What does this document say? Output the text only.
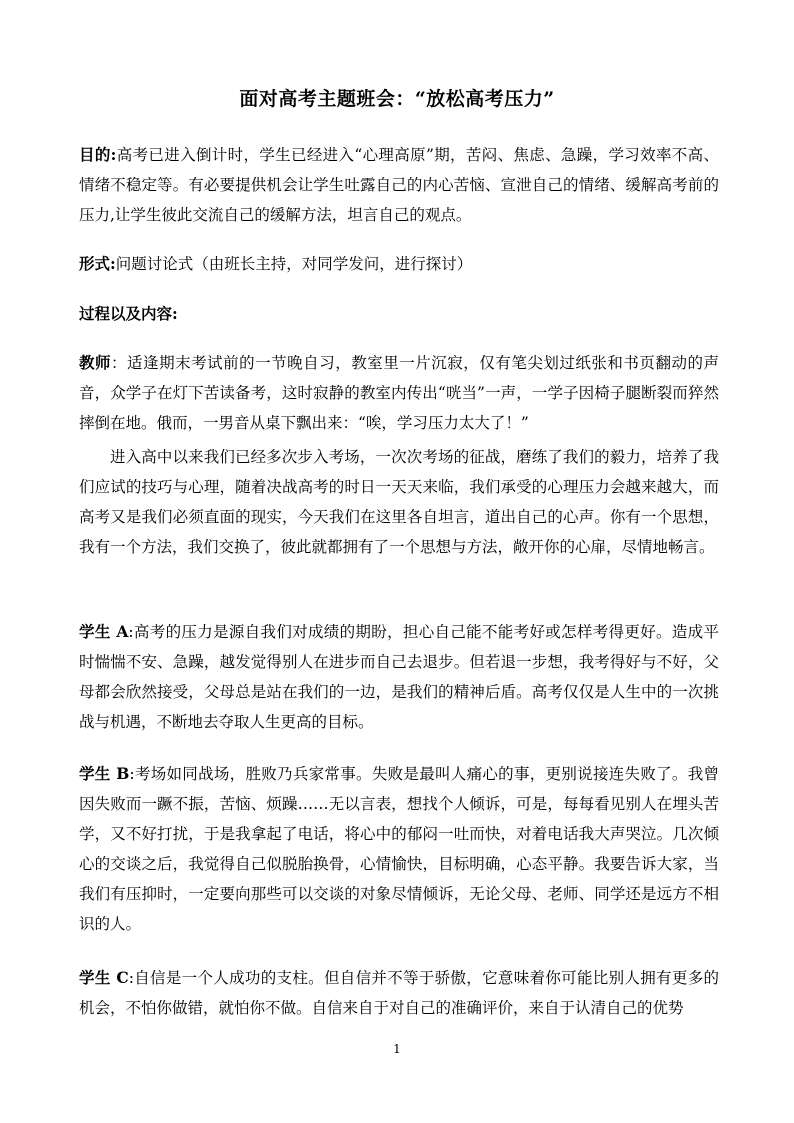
面对高考主题班会：“放松高考压力”
目的:高考已进入倒计时，学生已经进入“心理高原”期，苦闷、焦虑、急躁，学习效率不高、情绪不稳定等。有必要提供机会让学生吐露自己的内心苦恼、宣泄自己的情绪、缓解高考前的压力,让学生彼此交流自己的缓解方法，坦言自己的观点。
形式:问题讨论式（由班长主持，对同学发问，进行探讨）
过程以及内容:
教师：适逢期末考试前的一节晚自习，教室里一片沉寂，仅有笔尖划过纸张和书页翻动的声音，众学子在灯下苦读备考，这时寂静的教室内传出“咣当”一声，一学子因椅子腿断裂而猝然摔倒在地。俄而，一男音从桌下飘出来：“唉，学习压力太大了！”
进入高中以来我们已经多次步入考场，一次次考场的征战，磨练了我们的毅力，培养了我们应试的技巧与心理，随着决战高考的时日一天天来临，我们承受的心理压力会越来越大，而高考又是我们必须直面的现实，今天我们在这里各自坦言，道出自己的心声。你有一个思想，我有一个方法，我们交换了，彼此就都拥有了一个思想与方法，敞开你的心扉，尽情地畅言。
学生 A:高考的压力是源自我们对成绩的期盼，担心自己能不能考好或怎样考得更好。造成平时惴惴不安、急躁，越发觉得别人在进步而自己去退步。但若退一步想，我考得好与不好，父母都会欣然接受，父母总是站在我们的一边，是我们的精神后盾。高考仅仅是人生中的一次挑战与机遇，不断地去夺取人生更高的目标。
学生 B:考场如同战场，胜败乃兵家常事。失败是最叫人痛心的事，更别说接连失败了。我曾因失败而一蹶不振，苦恼、烦躁……无以言表，想找个人倾诉，可是，每每看见别人在埋头苦学，又不好打扰，于是我拿起了电话，将心中的郁闷一吐而快，对着电话我大声哭泣。几次倾心的交谈之后，我觉得自己似脱胎换骨，心情愉快，目标明确，心态平静。我要告诉大家，当我们有压抑时，一定要向那些可以交谈的对象尽情倾诉，无论父母、老师、同学还是远方不相识的人。
学生 C:自信是一个人成功的支柱。但自信并不等于骄傲，它意味着你可能比别人拥有更多的机会，不怕你做错，就怕你不做。自信来自于对自己的准确评价，来自于认清自己的优势
1
